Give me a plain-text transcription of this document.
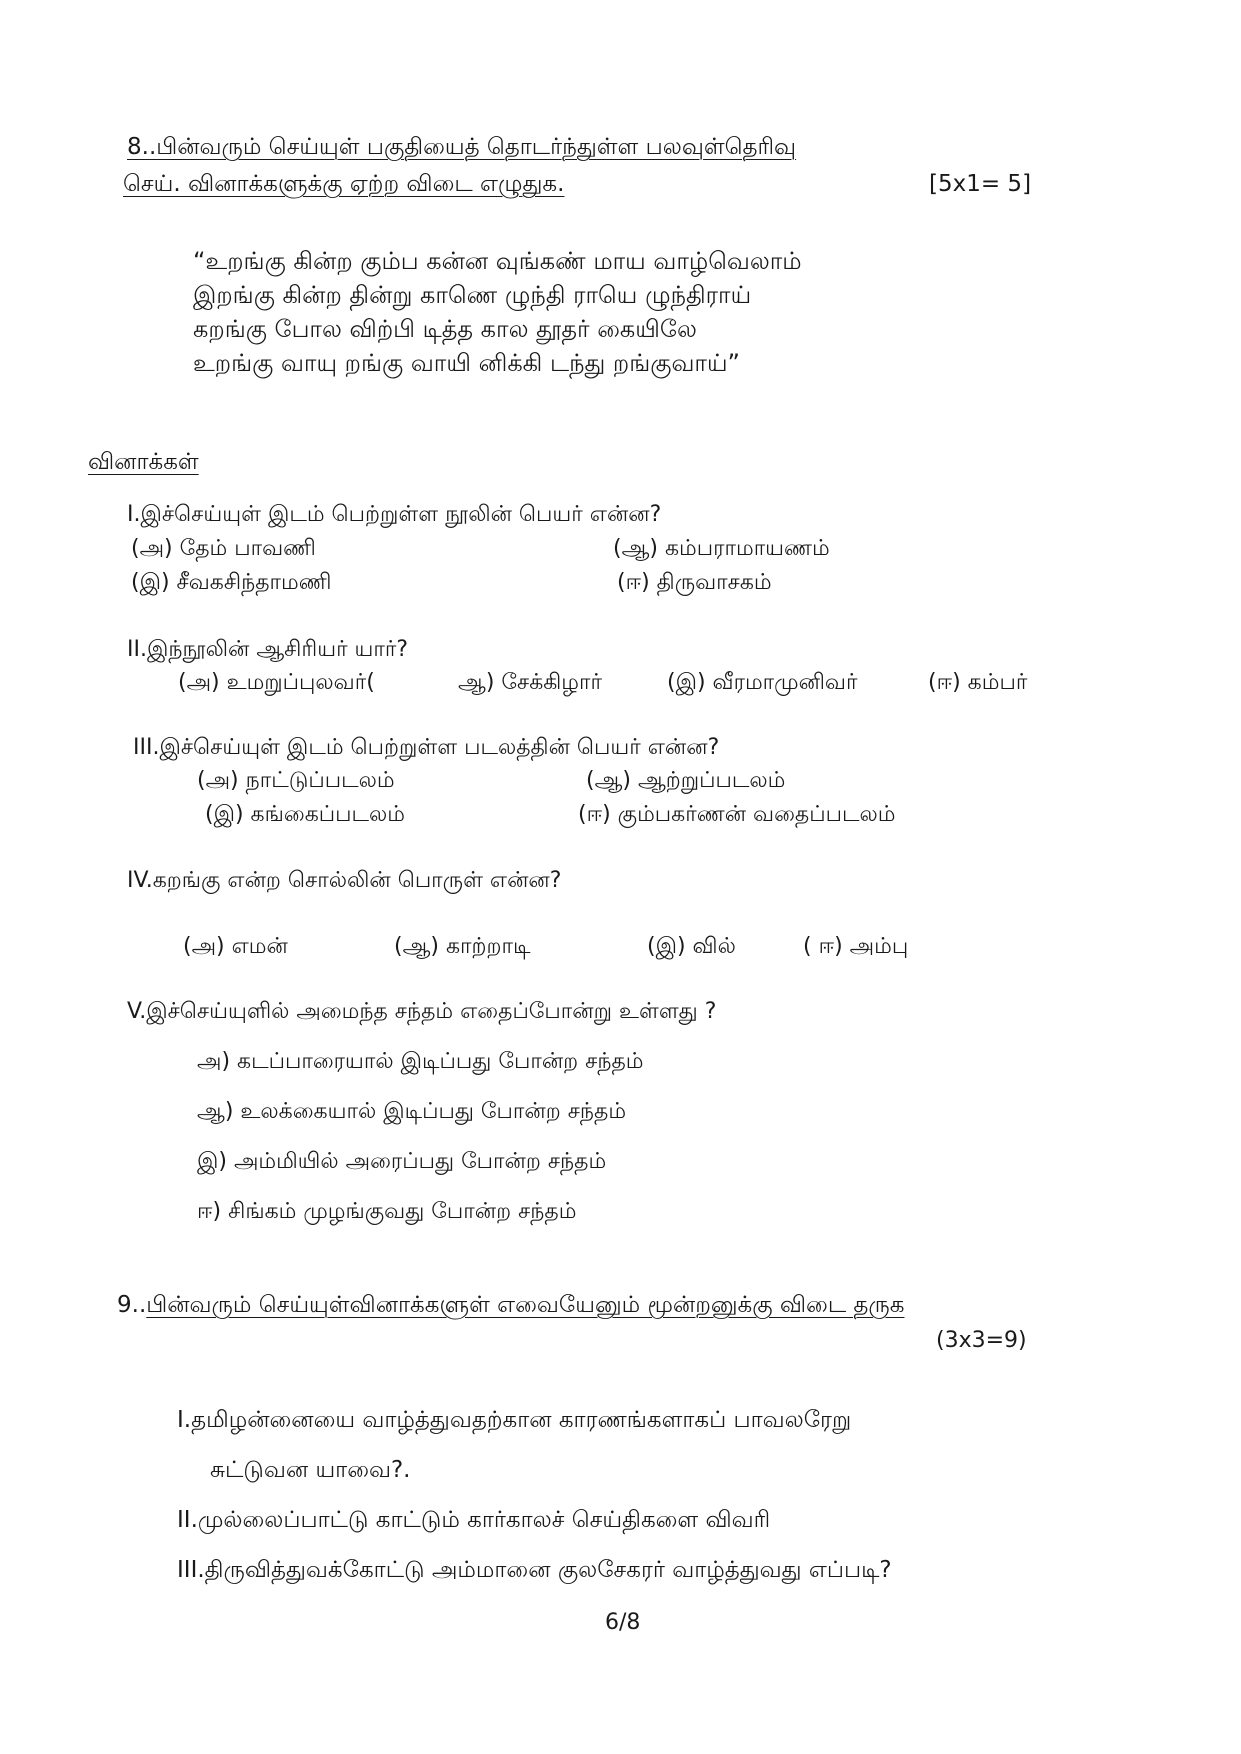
8..பின்வரும் செய்யுள் பகுதியைத் தொடர்ந்துள்ள பலவுள்தெரிவு
செய். வினாக்களுக்கு ஏற்ற விடை எழுதுக.	[5x1= 5]
“உறங்கு கின்ற கும்ப கன்ன வுங்கண் மாய வாழ்வெலாம்
இறங்கு கின்ற தின்று காணெ ழுந்தி ராயெ ழுந்திராய்
கறங்கு போல விற்பி டித்த கால தூதர் கையிலே
உறங்கு வாயு றங்கு வாயி னிக்கி டந்து றங்குவாய்”
வினாக்கள்
I.இச்செய்யுள் இடம் பெற்றுள்ள நூலின் பெயர் என்ன?
(அ) தேம் பாவணி	(ஆ) கம்பராமாயணம்
(இ) சீவகசிந்தாமணி	(ஈ) திருவாசகம்
II.இந்நூலின் ஆசிரியர் யார்?
(அ) உமறுப்புலவர்(	ஆ) சேக்கிழார்	(இ) வீரமாமுனிவர்	(ஈ) கம்பர்
III.இச்செய்யுள் இடம் பெற்றுள்ள படலத்தின் பெயர் என்ன?
(அ) நாட்டுப்படலம்	(ஆ) ஆற்றுப்படலம்
(இ) கங்கைப்படலம்	(ஈ) கும்பகர்ணன் வதைப்படலம்
IV.கறங்கு என்ற சொல்லின் பொருள் என்ன?
(அ) எமன்	(ஆ) காற்றாடி	(இ) வில்	( ஈ) அம்பு
V.இச்செய்யுளில் அமைந்த சந்தம் எதைப்போன்று உள்ளது ?
அ) கடப்பாரையால் இடிப்பது போன்ற சந்தம்
ஆ) உலக்கையால் இடிப்பது போன்ற சந்தம்
இ) அம்மியில் அரைப்பது போன்ற சந்தம்
ஈ) சிங்கம் முழங்குவது போன்ற சந்தம்
9..பின்வரும் செய்யுள்வினாக்களுள் எவையேனும் மூன்றனுக்கு விடை தருக
(3x3=9)
I.தமிழன்னையை வாழ்த்துவதற்கான காரணங்களாகப் பாவலரேறு
சுட்டுவன யாவை?.
II.முல்லைப்பாட்டு காட்டும் கார்காலச் செய்திகளை விவரி
III.திருவித்துவக்கோட்டு அம்மானை குலசேகரர் வாழ்த்துவது எப்படி?
6/8
